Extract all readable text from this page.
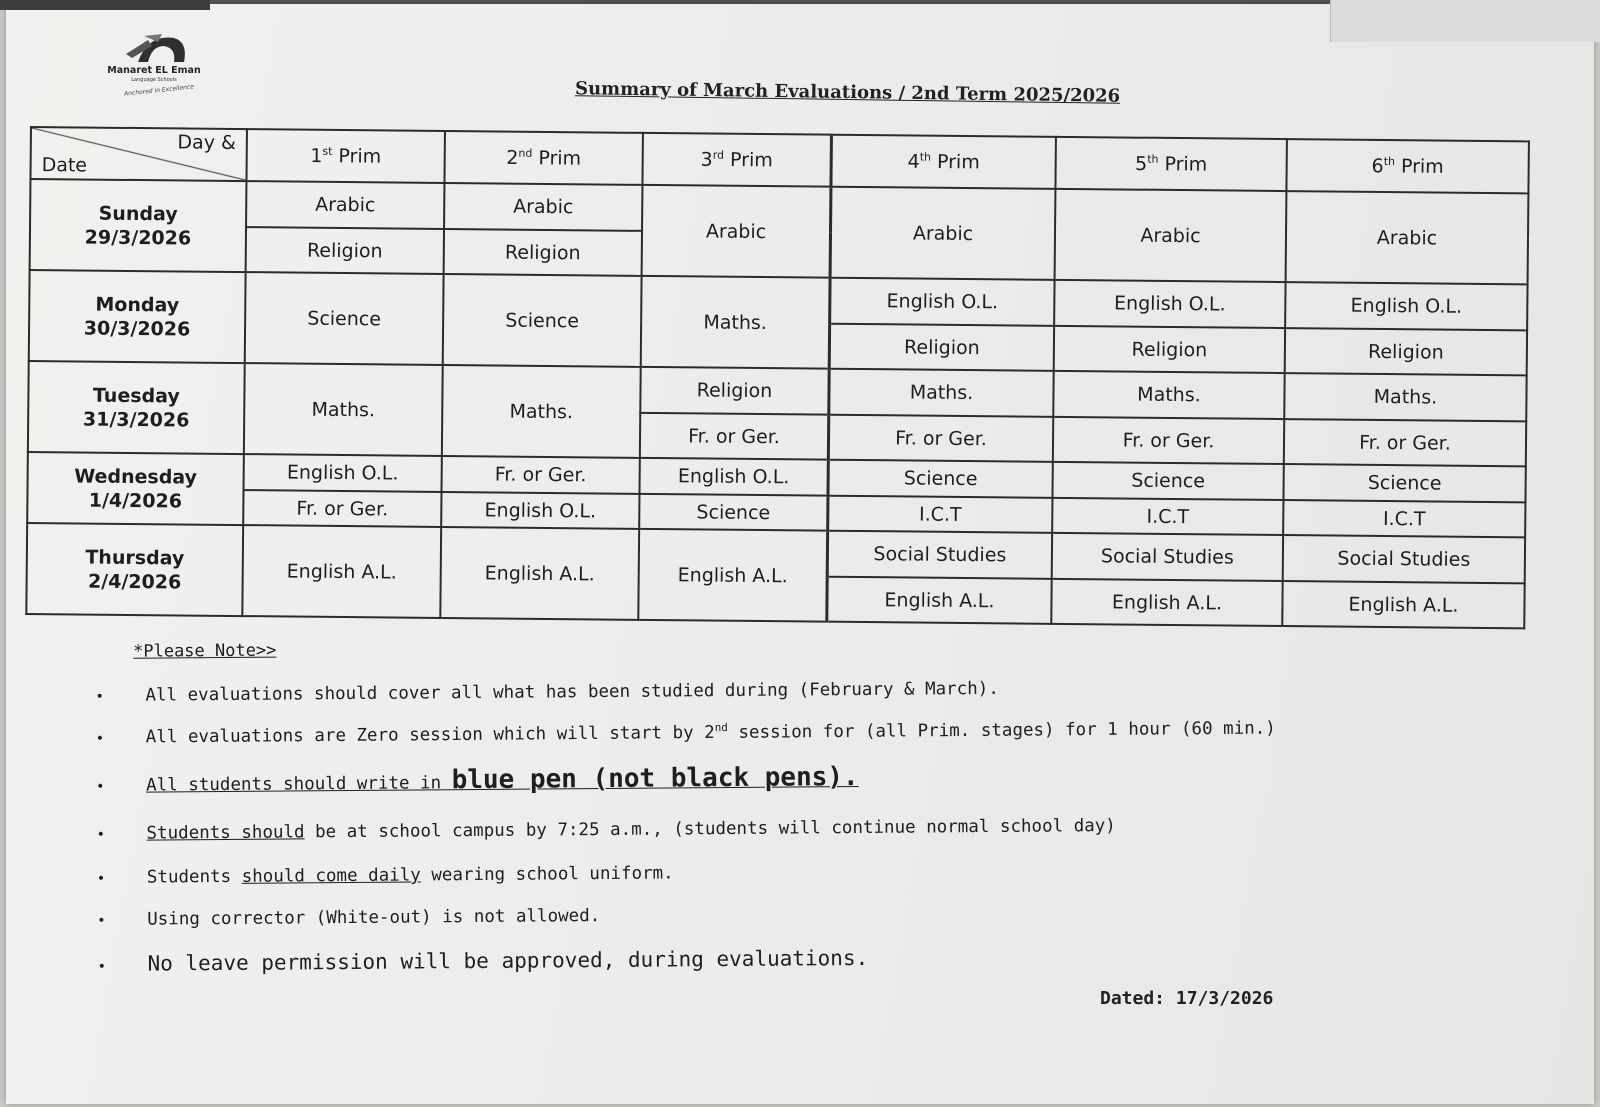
Manaret EL Eman
Language Schools
Anchored in Excellence	Summary of March Evaluations / 2nd Term 2025/2026
Day &
Date	1st Prim	2nd Prim	3rd Prim	4th Prim	5th Prim	6th Prim

Sunday
29/3/2026	Arabic	Arabic	Arabic	Arabic	Arabic	Arabic
	Religion	Religion				

Monday
30/3/2026	Science	Science	Maths.	English O.L.	English O.L.	English O.L.
				Religion	Religion	Religion

Tuesday
31/3/2026	Maths.	Maths.	Religion	Maths.	Maths.	Maths.
			Fr. or Ger.	Fr. or Ger.	Fr. or Ger.	Fr. or Ger.

Wednesday
1/4/2026	English O.L.	Fr. or Ger.	English O.L.	Science	Science	Science
	Fr. or Ger.	English O.L.	Science	I.C.T	I.C.T	I.C.T

Thursday
2/4/2026	English A.L.	English A.L.	English A.L.	Social Studies	Social Studies	Social Studies
				English A.L.	English A.L.	English A.L.
*Please Note>>
• All evaluations should cover all what has been studied during (February & March).
• All evaluations are Zero session which will start by 2nd session for (all Prim. stages) for 1 hour (60 min.)
• All students should write in blue pen (not black pens).
• Students should be at school campus by 7:25 a.m., (students will continue normal school day)
• Students should come daily wearing school uniform.
• Using corrector (White-out) is not allowed.
• No leave permission will be approved, during evaluations.
Dated: 17/3/2026
